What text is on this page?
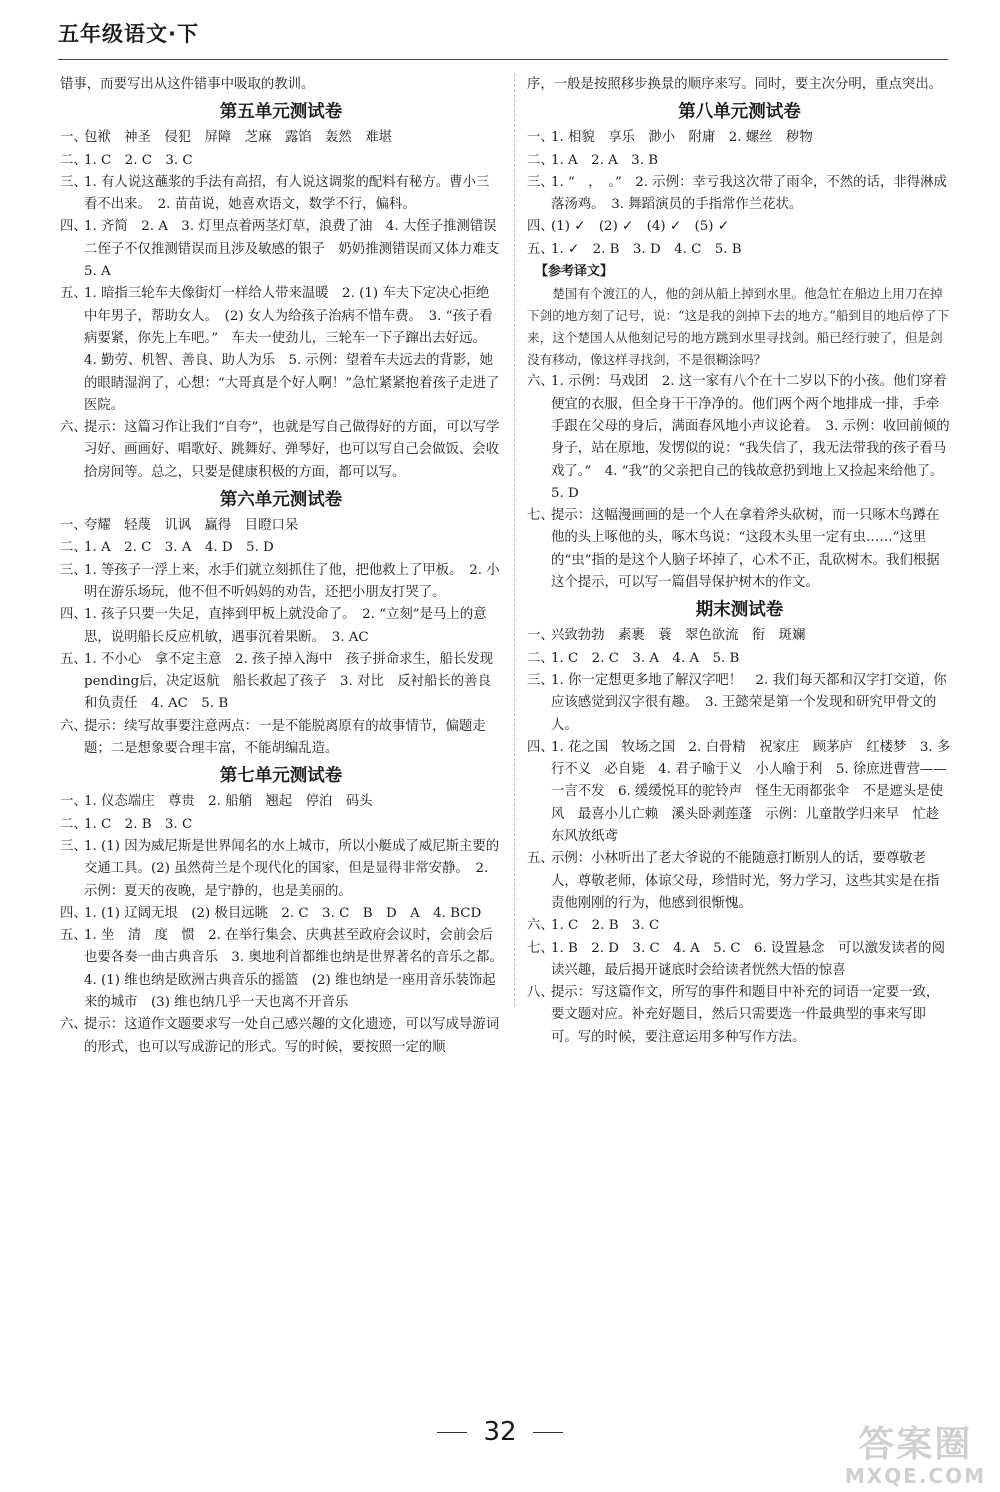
五年级语文·下
错事，而要写出从这件错事中吸取的教训。
第五单元测试卷
一、
包袱　神圣　侵犯　屏障　芝麻　露馅　轰然　难堪
二、
1. C　2. C　3. C
三、
1. 有人说这蘸浆的手法有高招，有人说这调浆的配料有秘方。曹小三看不出来。　2. 苗苗说，她喜欢语文，数学不行，偏科。
四、
1. 齐简　2. A　3. 灯里点着两茎灯草，浪费了油　4. 大侄子推测错误　二侄子不仅推测错误而且涉及敏感的银子　奶奶推测错误而又体力难支　5. A
五、
1. 暗指三轮车夫像街灯一样给人带来温暖　2. (1) 车夫下定决心拒绝中年男子，帮助女人。　(2) 女人为给孩子治病不惜车费。　3. “孩子看病要紧，你先上车吧。”　车夫一使劲儿，三轮车一下子蹿出去好远。　4. 勤劳、机智、善良、助人为乐　5. 示例：望着车夫远去的背影，她的眼睛湿润了，心想：“大哥真是个好人啊！”急忙紧紧抱着孩子走进了医院。
六、
提示：这篇习作让我们“自夸”，也就是写自己做得好的方面，可以写学习好、画画好、唱歌好、跳舞好、弹琴好，也可以写自己会做饭、会收拾房间等。总之，只要是健康积极的方面，都可以写。
第六单元测试卷
一、
夸耀　轻蔑　讥讽　赢得　目瞪口呆
二、
1. A　2. C　3. A　4. D　5. D
三、
1. 等孩子一浮上来，水手们就立刻抓住了他，把他救上了甲板。　2. 小明在游乐场玩，他不但不听妈妈的劝告，还把小朋友打哭了。
四、
1. 孩子只要一失足，直摔到甲板上就没命了。　2. “立刻”是马上的意思，说明船长反应机敏，遇事沉着果断。　3. AC
五、
1. 不小心　拿不定主意　2. 孩子掉入海中　孩子拼命求生，船长发现pending后，决定返航　船长救起了孩子　3. 对比　反衬船长的善良和负责任　4. AC　5. B
六、
提示：续写故事要注意两点：一是不能脱离原有的故事情节，偏题走题；二是想象要合理丰富，不能胡编乱造。
第七单元测试卷
一、
1. 仪态端庄　尊贵　2. 船艄　翘起　停泊　码头
二、
1. C　2. B　3. C
三、
1. (1) 因为威尼斯是世界闻名的水上城市，所以小艇成了威尼斯主要的交通工具。(2) 虽然荷兰是个现代化的国家，但是显得非常安静。　2. 示例：夏天的夜晚，是宁静的，也是美丽的。
四、
1. (1) 辽阔无垠　(2) 极目远眺　2. C　3. C　B　D　A　4. BCD
五、
1. 坐　清　度　惯　2. 在举行集会、庆典甚至政府会议时，会前会后也要各奏一曲古典音乐　3. 奥地利首都维也纳是世界著名的音乐之都。　4. (1) 维也纳是欧洲古典音乐的摇篮　(2) 维也纳是一座用音乐装饰起来的城市　(3) 维也纳几乎一天也离不开音乐
六、
提示：这道作文题要求写一处自己感兴趣的文化遗迹，可以写成导游词的形式，也可以写成游记的形式。写的时候，要按照一定的顺
序，一般是按照移步换景的顺序来写。同时，要主次分明，重点突出。
第八单元测试卷
一、
1. 相貌　享乐　渺小　附庸　2. 螺丝　秽物
二、
1. A　2. A　3. B
三、
1. “　，　。”　2. 示例：幸亏我这次带了雨伞，不然的话，非得淋成落汤鸡。　3. 舞蹈演员的手指常作兰花状。
四、
(1) ✓　(2) ✓　(4) ✓　(5) ✓
五、
1. ✓　2. B　3. D　4. C　5. B
【参考译文】
楚国有个渡江的人，他的剑从船上掉到水里。他急忙在船边上用刀在掉下剑的地方刻了记号，说：“这是我的剑掉下去的地方。”船到目的地后停了下来，这个楚国人从他刻记号的地方跳到水里寻找剑。船已经行驶了，但是剑没有移动，像这样寻找剑，不是很糊涂吗？
六、
1. 示例：马戏团　2. 这一家有八个在十二岁以下的小孩。他们穿着便宜的衣服，但全身干干净净的。他们两个两个地排成一排，手牵手跟在父母的身后，满面春风地小声议论着。　3. 示例：收回前倾的身子，站在原地，发愣似的说：“我失信了，我无法带我的孩子看马戏了。”　4. “我”的父亲把自己的钱故意扔到地上又捡起来给他了。　5. D
七、
提示：这幅漫画画的是一个人在拿着斧头砍树，而一只啄木鸟蹲在他的头上啄他的头，啄木鸟说：“这段木头里一定有虫……”这里的“虫”指的是这个人脑子坏掉了，心术不正，乱砍树木。我们根据这个提示，可以写一篇倡导保护树木的作文。
期末测试卷
一、
兴致勃勃　素裹　蓑　翠色欲流　衔　斑斓
二、
1. C　2. C　3. A　4. A　5. B
三、
1. 你一定想更多地了解汉字吧！　2. 我们每天都和汉字打交道，你应该感觉到汉字很有趣。　3. 王懿荣是第一个发现和研究甲骨文的人。
四、
1. 花之国　牧场之国　2. 白骨精　祝家庄　顾茅庐　红楼梦　3. 多行不义　必自毙　4. 君子喻于义　小人喻于利　5. 徐庶进曹营——一言不发　6. 缓缓悦耳的驼铃声　怪生无雨都张伞　不是遮头是使风　最喜小儿亡赖　溪头卧剥莲蓬　示例：儿童散学归来早　忙趁东风放纸鸢
五、
示例：小林听出了老大爷说的不能随意打断别人的话，要尊敬老人，尊敬老师，体谅父母，珍惜时光，努力学习，这些其实是在指责他刚刚的行为，他感到很惭愧。
六、
1. C　2. B　3. C
七、
1. B　2. D　3. C　4. A　5. C　6. 设置悬念　可以激发读者的阅读兴趣，最后揭开谜底时会给读者恍然大悟的惊喜
八、
提示：写这篇作文，所写的事件和题目中补充的词语一定要一致，要文题对应。补充好题目，然后只需要选一件最典型的事来写即可。写的时候，要注意运用多种写作方法。
32	答案圈
MXQE.COM
